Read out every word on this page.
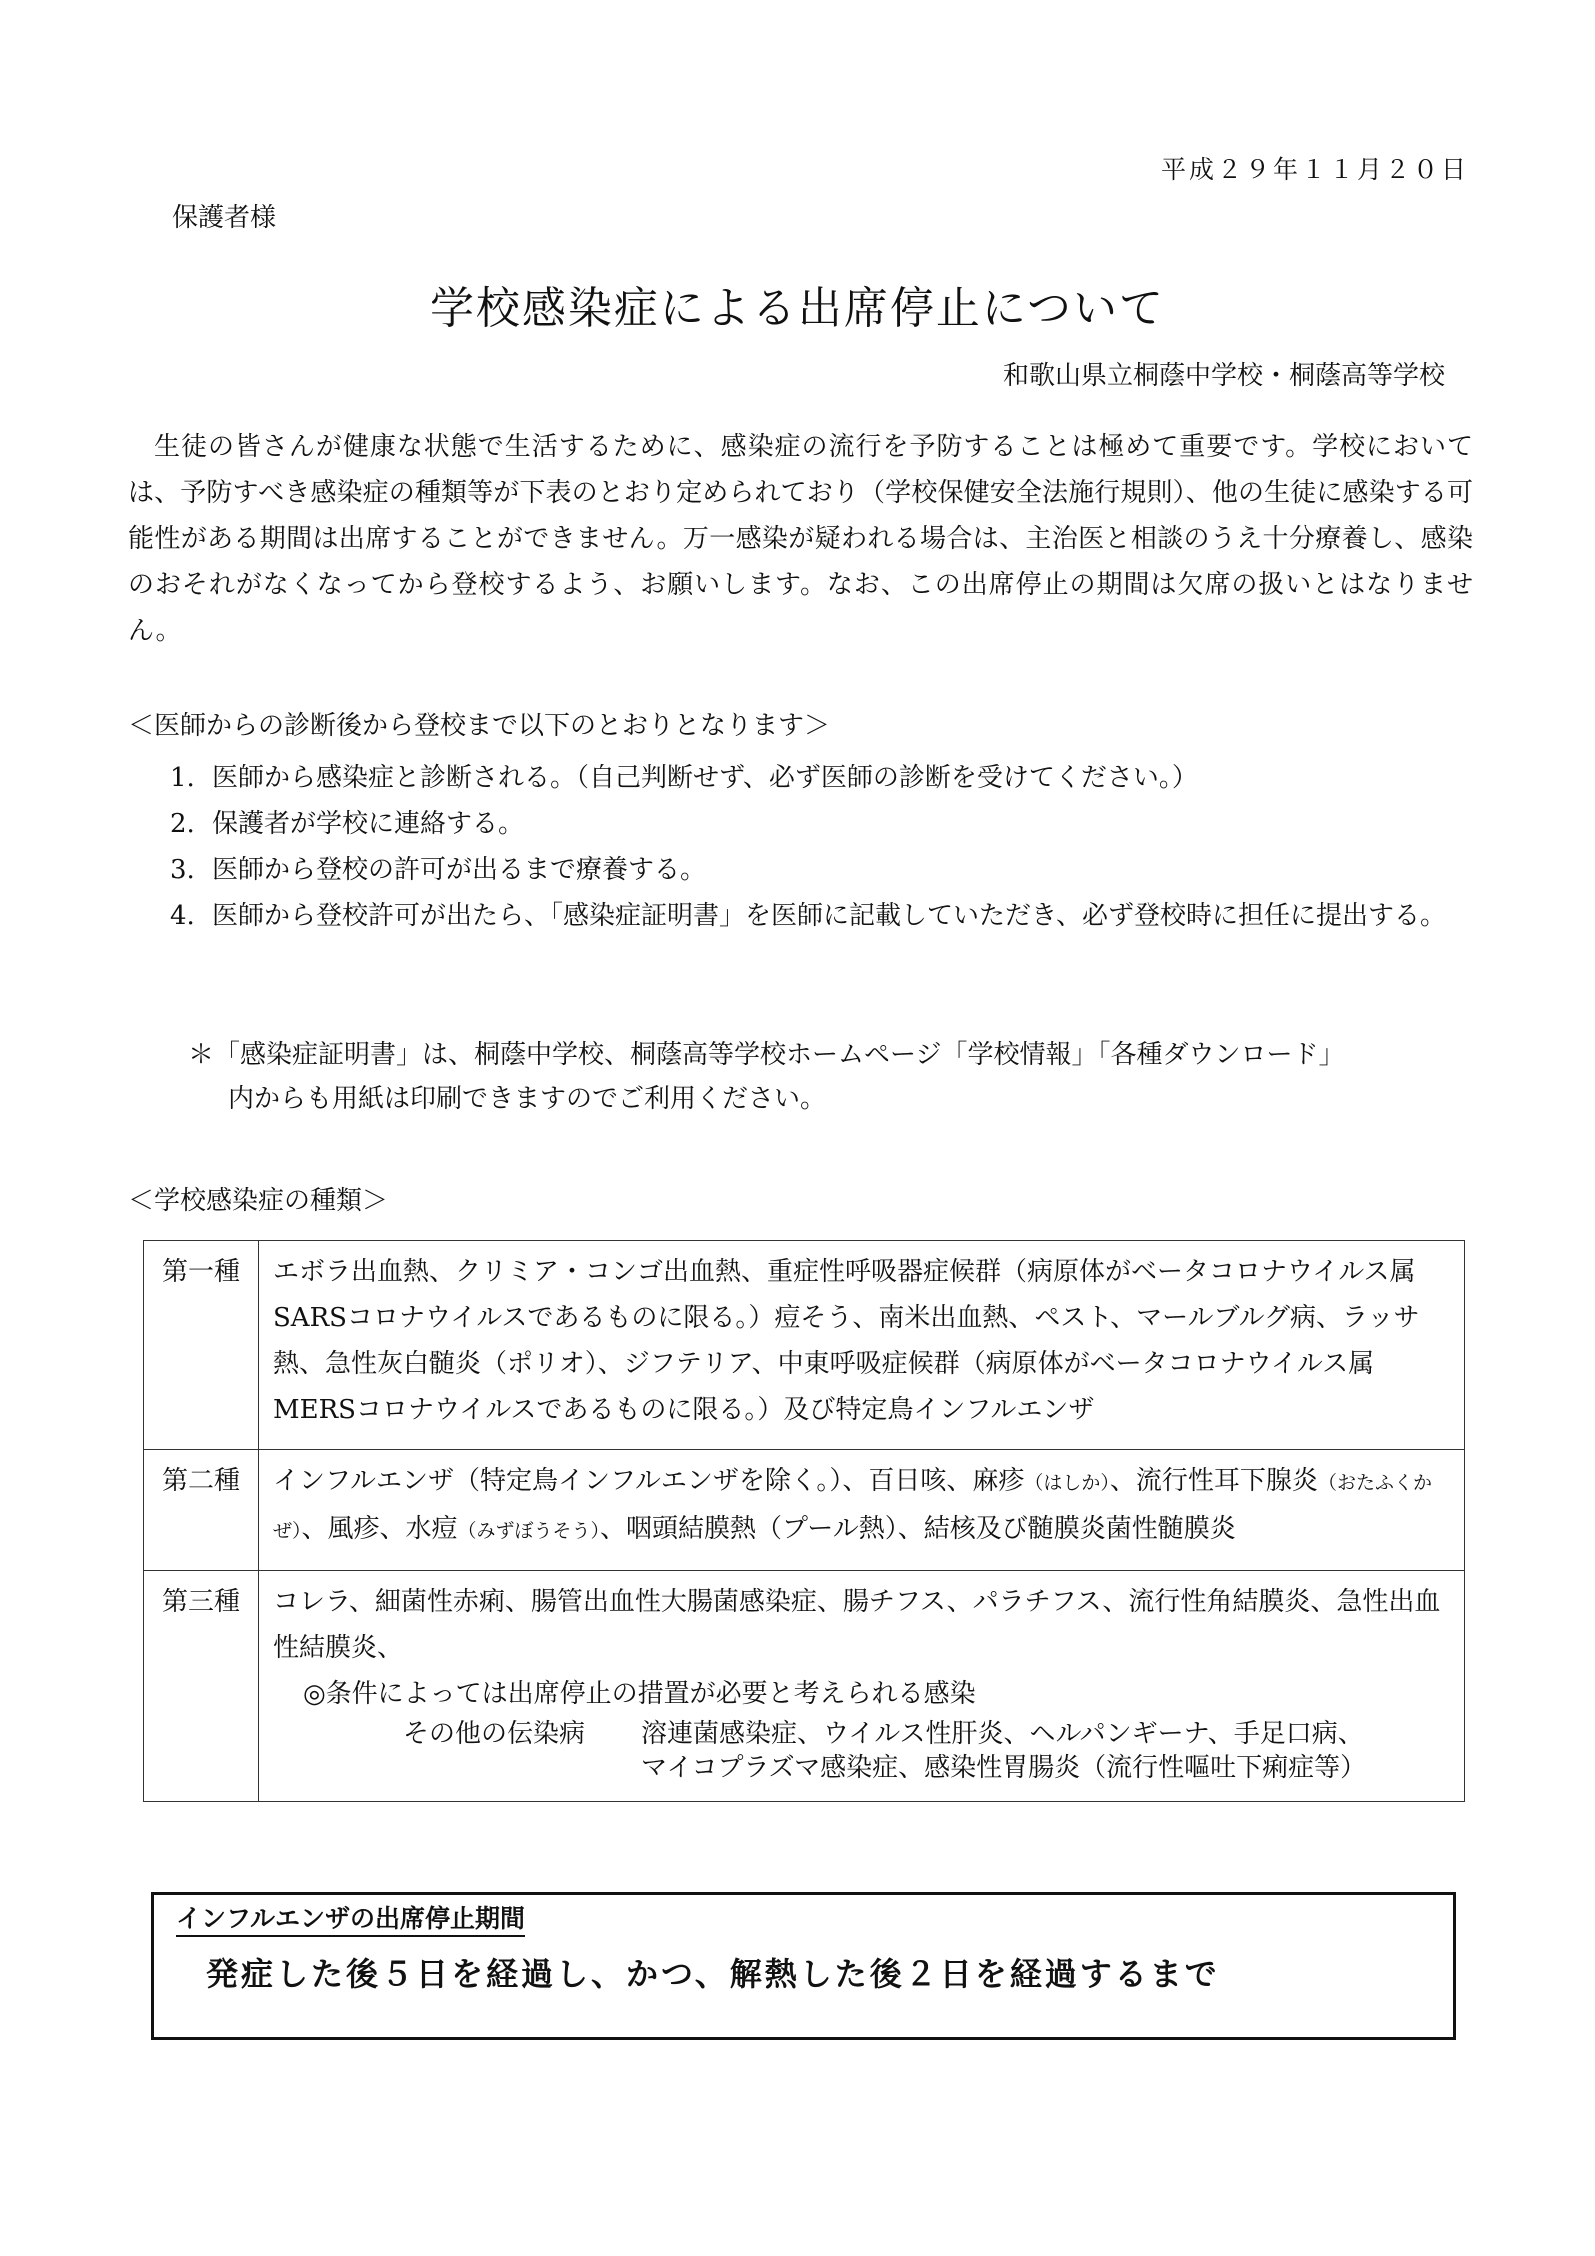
平成２９年１１月２０日
保護者様
学校感染症による出席停止について
和歌山県立桐蔭中学校・桐蔭高等学校

生徒の皆さんが健康な状態で生活するために、感染症の流行を予防することは極めて重要です。学校においては、予防すべき感染症の種類等が下表のとおり定められており（学校保健安全法施行規則）、他の生徒に感染する可能性がある期間は出席することができません。万一感染が疑われる場合は、主治医と相談のうえ十分療養し、感染のおそれがなくなってから登校するよう、お願いします。なお、この出席停止の期間は欠席の扱いとはなりません。

＜医師からの診断後から登校まで以下のとおりとなります＞
1. 医師から感染症と診断される。（自己判断せず、必ず医師の診断を受けてください。）
2. 保護者が学校に連絡する。
3. 医師から登校の許可が出るまで療養する。
4. 医師から登校許可が出たら、「感染症証明書」を医師に記載していただき、必ず登校時に担任に提出する。
＊「感染症証明書」は、桐蔭中学校、桐蔭高等学校ホームページ「学校情報」「各種ダウンロード」
内からも用紙は印刷できますのでご利用ください。
＜学校感染症の種類＞
第一種	エボラ出血熱、クリミア・コンゴ出血熱、重症性呼吸器症候群（病原体がベータコロナウイルス属SARSコロナウイルスであるものに限る。）痘そう、南米出血熱、ペスト、マールブルグ病、ラッサ熱、急性灰白髄炎（ポリオ）、ジフテリア、中東呼吸症候群（病原体がベータコロナウイルス属MERSコロナウイルスであるものに限る。）及び特定鳥インフルエンザ

第二種	インフルエンザ（特定鳥インフルエンザを除く。）、百日咳、麻疹（はしか）、流行性耳下腺炎（おたふくかぜ）、風疹、水痘（みずぼうそう）、咽頭結膜熱（プール熱）、結核及び髄膜炎菌性髄膜炎

第三種	コレラ、細菌性赤痢、腸管出血性大腸菌感染症、腸チフス、パラチフス、流行性角結膜炎、急性出血性結膜炎、

◎条件によっては出席停止の措置が必要と考えられる感染

その他の伝染病 溶連菌感染症、ウイルス性肝炎、ヘルパンギーナ、手足口病、
マイコプラズマ感染症、感染性胃腸炎（流行性嘔吐下痢症等）
インフルエンザの出席停止期間
発症した後５日を経過し、かつ、解熱した後２日を経過するまで
